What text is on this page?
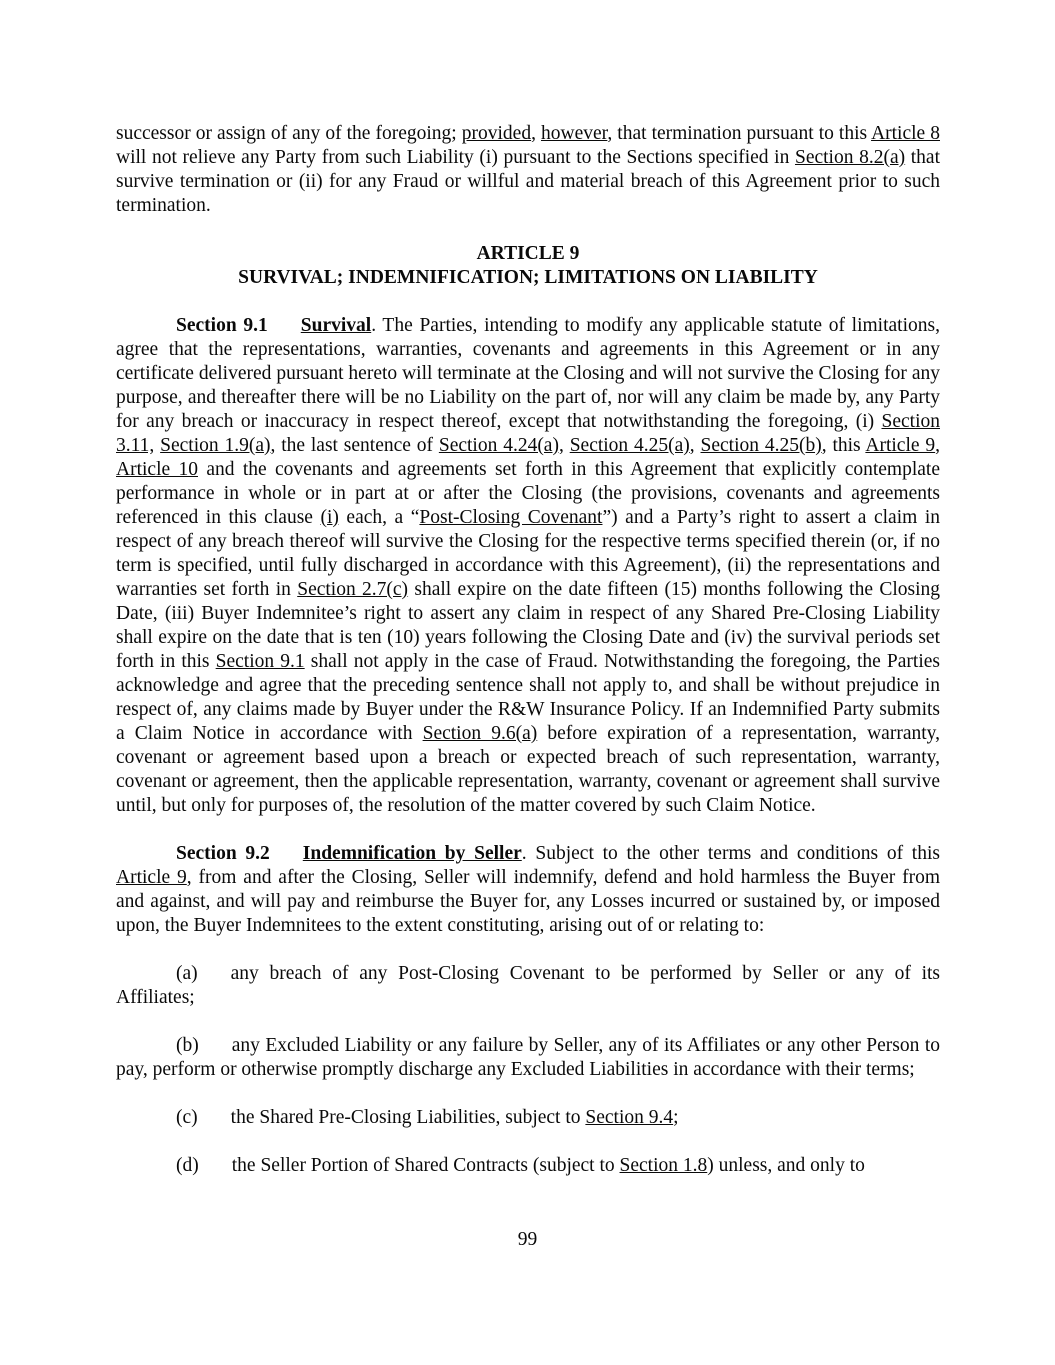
successor or assign of any of the foregoing; provided, however, that termination pursuant to this Article 8 will not relieve any Party from such Liability (i) pursuant to the Sections specified in Section 8.2(a) that survive termination or (ii) for any Fraud or willful and material breach of this Agreement prior to such termination.

ARTICLE 9
SURVIVAL; INDEMNIFICATION; LIMITATIONS ON LIABILITY

Section 9.1 Survival. The Parties, intending to modify any applicable statute of limitations, agree that the representations, warranties, covenants and agreements in this Agreement or in any certificate delivered pursuant hereto will terminate at the Closing and will not survive the Closing for any purpose, and thereafter there will be no Liability on the part of, nor will any claim be made by, any Party for any breach or inaccuracy in respect thereof, except that notwithstanding the foregoing, (i) Section 3.11, Section 1.9(a), the last sentence of Section 4.24(a), Section 4.25(a), Section 4.25(b), this Article 9, Article 10 and the covenants and agreements set forth in this Agreement that explicitly contemplate performance in whole or in part at or after the Closing (the provisions, covenants and agreements referenced in this clause (i) each, a “Post-Closing Covenant”) and a Party’s right to assert a claim in respect of any breach thereof will survive the Closing for the respective terms specified therein (or, if no term is specified, until fully discharged in accordance with this Agreement), (ii) the representations and warranties set forth in Section 2.7(c) shall expire on the date fifteen (15) months following the Closing Date, (iii) Buyer Indemnitee’s right to assert any claim in respect of any Shared Pre-Closing Liability shall expire on the date that is ten (10) years following the Closing Date and (iv) the survival periods set forth in this Section 9.1 shall not apply in the case of Fraud. Notwithstanding the foregoing, the Parties acknowledge and agree that the preceding sentence shall not apply to, and shall be without prejudice in respect of, any claims made by Buyer under the R&W Insurance Policy. If an Indemnified Party submits a Claim Notice in accordance with Section 9.6(a) before expiration of a representation, warranty, covenant or agreement based upon a breach or expected breach of such representation, warranty, covenant or agreement, then the applicable representation, warranty, covenant or agreement shall survive until, but only for purposes of, the resolution of the matter covered by such Claim Notice.

Section 9.2 Indemnification by Seller. Subject to the other terms and conditions of this Article 9, from and after the Closing, Seller will indemnify, defend and hold harmless the Buyer from and against, and will pay and reimburse the Buyer for, any Losses incurred or sustained by, or imposed upon, the Buyer Indemnitees to the extent constituting, arising out of or relating to:

(a) any breach of any Post-Closing Covenant to be performed by Seller or any of its Affiliates;

(b) any Excluded Liability or any failure by Seller, any of its Affiliates or any other Person to pay, perform or otherwise promptly discharge any Excluded Liabilities in accordance with their terms;

(c) the Shared Pre-Closing Liabilities, subject to Section 9.4;

(d) the Seller Portion of Shared Contracts (subject to Section 1.8) unless, and only to

99
